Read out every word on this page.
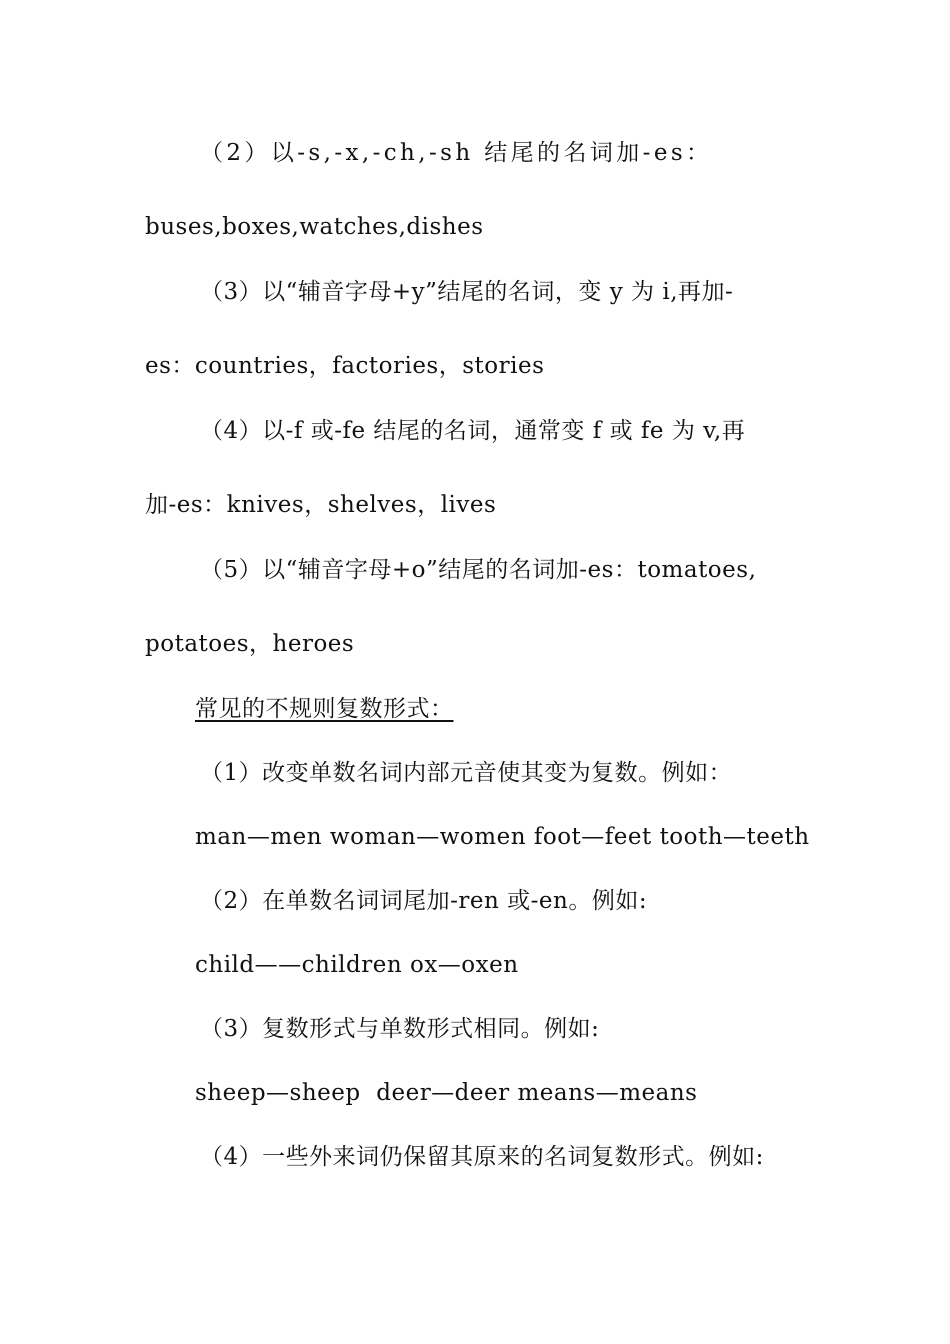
（2）以-s,-x,-ch,-sh 结尾的名词加-es：
buses,boxes,watches,dishes
（3）以“辅音字母+y”结尾的名词，变 y 为 i,再加-
es：countries，factories，stories
（4）以-f 或-fe 结尾的名词，通常变 f 或 fe 为 v,再
加-es：knives，shelves，lives
（5）以“辅音字母+o”结尾的名词加-es：tomatoes,
potatoes，heroes
常见的不规则复数形式：
（1）改变单数名词内部元音使其变为复数。例如：
man—men woman—women foot—feet tooth—teeth
（2）在单数名词词尾加-ren 或-en。例如:
child——children ox—oxen
（3）复数形式与单数形式相同。例如:
sheep—sheep  deer—deer means—means
（4）一些外来词仍保留其原来的名词复数形式。例如:
